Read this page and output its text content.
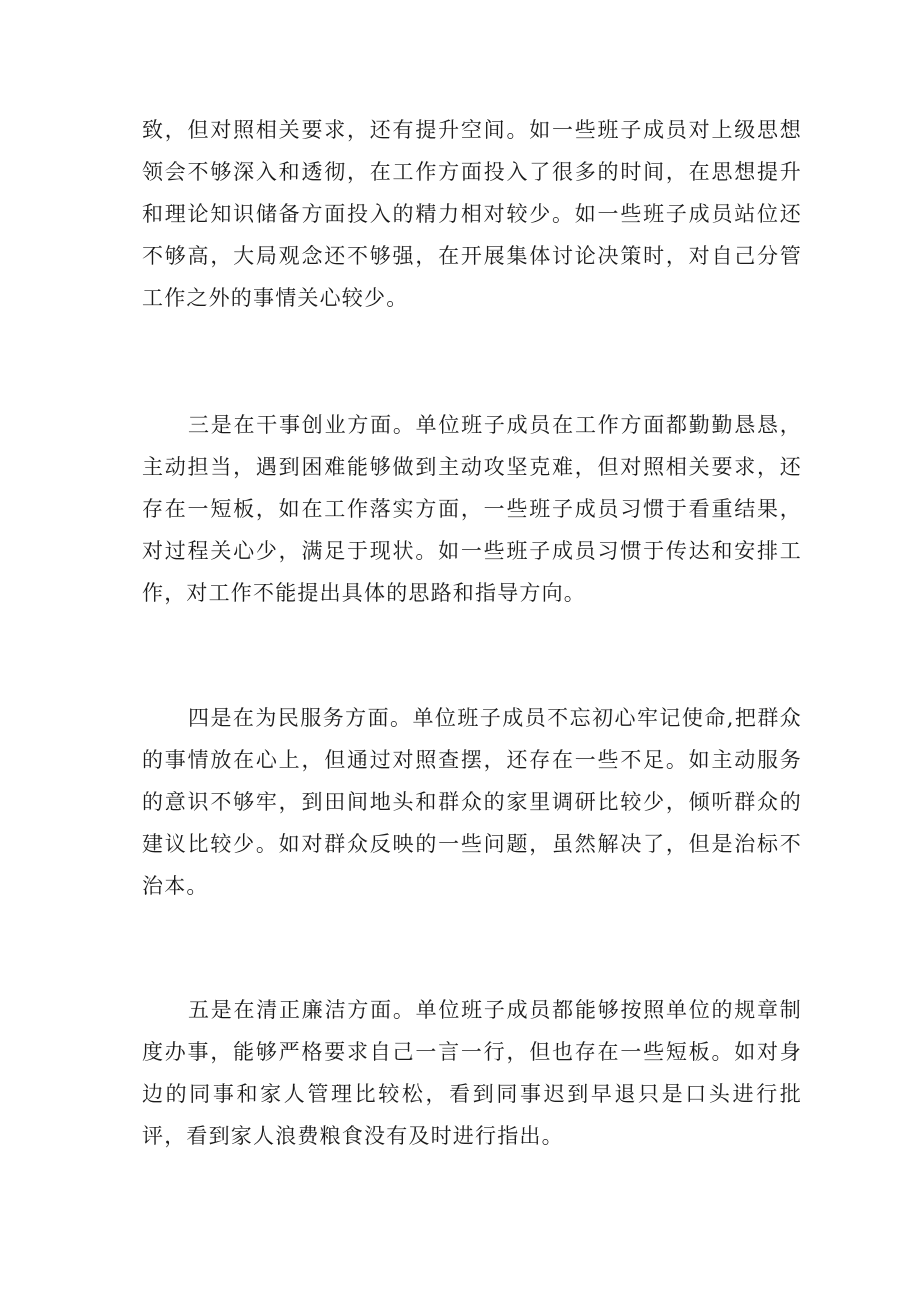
致，但对照相关要求，还有提升空间。如一些班子成员对上级思想领会不够深入和透彻，在工作方面投入了很多的时间，在思想提升和理论知识储备方面投入的精力相对较少。如一些班子成员站位还不够高，大局观念还不够强，在开展集体讨论决策时，对自己分管工作之外的事情关心较少。

三是在干事创业方面。单位班子成员在工作方面都勤勤恳恳，主动担当，遇到困难能够做到主动攻坚克难，但对照相关要求，还存在一短板，如在工作落实方面，一些班子成员习惯于看重结果，对过程关心少，满足于现状。如一些班子成员习惯于传达和安排工作，对工作不能提出具体的思路和指导方向。

四是在为民服务方面。单位班子成员不忘初心牢记使命,把群众的事情放在心上，但通过对照查摆，还存在一些不足。如主动服务的意识不够牢，到田间地头和群众的家里调研比较少，倾听群众的建议比较少。如对群众反映的一些问题，虽然解决了，但是治标不治本。

五是在清正廉洁方面。单位班子成员都能够按照单位的规章制度办事，能够严格要求自己一言一行，但也存在一些短板。如对身边的同事和家人管理比较松，看到同事迟到早退只是口头进行批评，看到家人浪费粮食没有及时进行指出。
